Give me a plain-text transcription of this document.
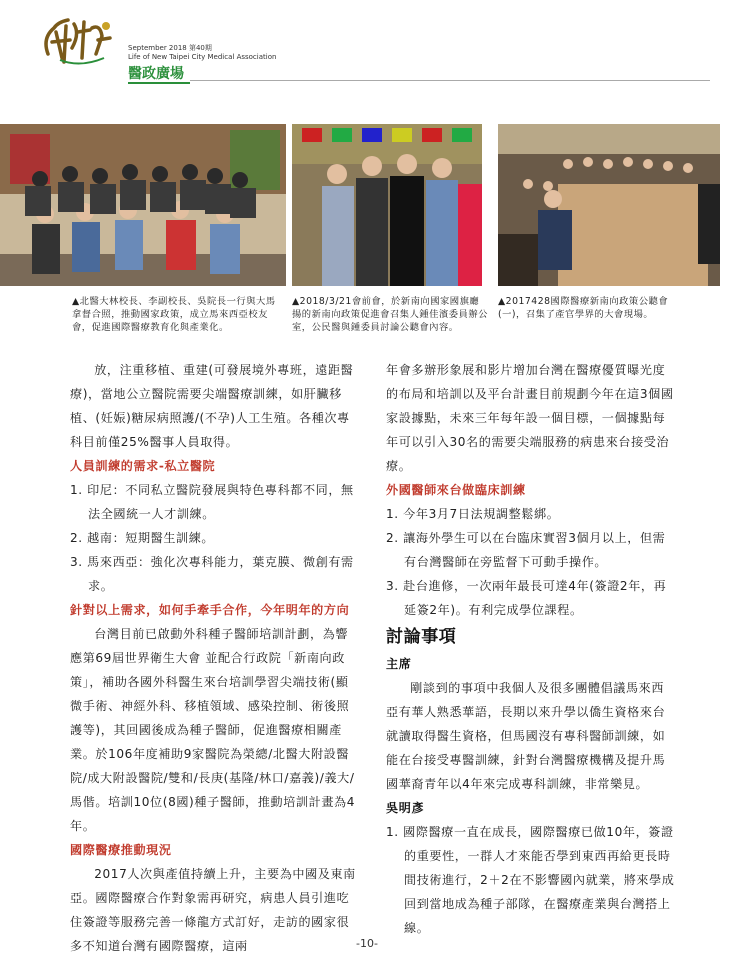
September 2018 第40期
Life of New Taipei City Medical Association
醫政廣場
▲北醫大林校長、李副校長、吳院長一行與大馬拿督合照，推動國家政策，成立馬來西亞校友會，促進國際醫療教育化與產業化。
▲2018/3/21會前會，於新南向國家國旗廳揚的新南向政策促進會召集人鍾佳濱委員辦公室，公民醫與鍾委員討論公聽會內容。
▲2017428國際醫療新南向政策公聽會(一)，召集了產官學界的大會現場。

放，注重移植、重建(可發展境外專班，遠距醫療)，當地公立醫院需要尖端醫療訓練，如肝臟移植、(妊娠)糖尿病照護/(不孕)人工生殖。各種次專科目前僅25%醫事人員取得。

人員訓練的需求-私立醫院

1. 印尼：不同私立醫院發展與特色專科都不同，無法全國統一人才訓練。

2. 越南：短期醫生訓練。

3. 馬來西亞：強化次專科能力，葉克膜、微創有需求。

針對以上需求，如何手牽手合作，今年明年的方向

台灣目前已啟動外科種子醫師培訓計劃，為響應第69屆世界衛生大會 並配合行政院「新南向政策」，補助各國外科醫生來台培訓學習尖端技術(顯微手術、神經外科、移植領域、感染控制、術後照護等)，其回國後成為種子醫師，促進醫療相關產業。於106年度補助9家醫院為榮總/北醫大附設醫院/成大附設醫院/雙和/長庚(基隆/林口/嘉義)/義大/馬偕。培訓10位(8國)種子醫師，推動培訓計畫為4年。

國際醫療推動現況

2017人次與產值持續上升，主要為中國及東南亞。國際醫療合作對象需再研究，病患人員引進吃住簽證等服務完善一條龍方式訂好，走訪的國家很多不知道台灣有國際醫療，這兩

年會多辦形象展和影片增加台灣在醫療優質曝光度的布局和培訓以及平台計畫目前規劃今年在這3個國家設據點，未來三年每年設一個目標，一個據點每年可以引入30名的需要尖端服務的病患來台接受治療。

外國醫師來台做臨床訓練

1. 今年3月7日法規調整鬆綁。

2. 讓海外學生可以在台臨床實習3個月以上，但需有台灣醫師在旁監督下可動手操作。

3. 赴台進修，一次兩年最長可達4年(簽證2年，再延簽2年)。有利完成學位課程。

討論事項

主席

剛談到的事項中我個人及很多團體倡議馬來西亞有華人熟悉華語，長期以來升學以僑生資格來台就讀取得醫生資格，但馬國沒有專科醫師訓練，如能在台接受專醫訓練，針對台灣醫療機構及提升馬國華裔青年以4年來完成專科訓練，非常樂見。

吳明彥

1. 國際醫療一直在成長，國際醫療已做10年，簽證的重要性，一群人才來能否學到東西再給更長時間技術進行，2＋2在不影響國內就業，將來學成回到當地成為種子部隊，在醫療產業與台灣搭上線。

-10-
